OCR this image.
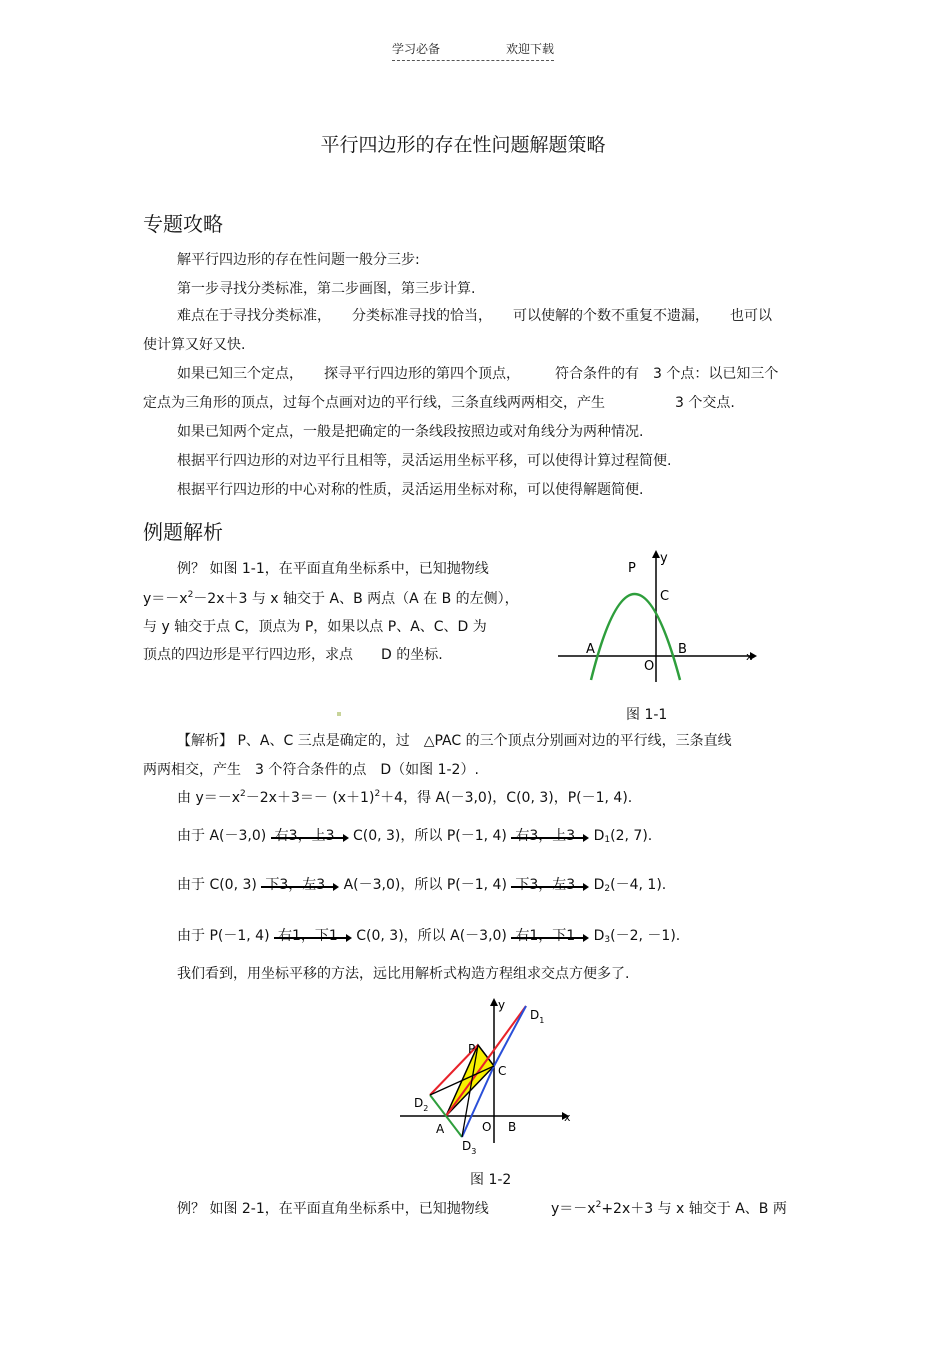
学习必备	欢迎下载
平行四边形的存在性问题解题策略
专题攻略
解平行四边形的存在性问题一般分三步:
第一步寻找分类标准，第二步画图，第三步计算.
难点在于寻找分类标准，　　分类标准寻找的恰当，　　可以使解的个数不重复不遗漏，　　也可以
使计算又好又快.
如果已知三个定点，　　探寻平行四边形的第四个顶点，　　　符合条件的有　3 个点：以已知三个
定点为三角形的顶点，过每个点画对边的平行线，三条直线两两相交，产生　　　　　3 个交点.
如果已知两个定点，一般是把确定的一条线段按照边或对角线分为两种情况.
根据平行四边形的对边平行且相等，灵活运用坐标平移，可以使得计算过程简便.
根据平行四边形的中心对称的性质，灵活运用坐标对称，可以使得解题简便.
例题解析
例？ 如图 1-1，在平面直角坐标系中，已知抛物线
$y=-x^2-2x+3$ 与 x 轴交于 A、B 两点（A 在 B 的左侧），
与 y 轴交于点 C，顶点为 P，如果以点 P、A、C、D 为
顶点的四边形是平行四边形，求点　　D 的坐标.
P
C
A	B
O
x
y
图 1-1
【解析】 P、A、C 三点是确定的，过　△PAC 的三个顶点分别画对边的平行线，三条直线
两两相交，产生　3 个符合条件的点　D（如图 1-2）.
由 $y=-x^2-2x+3=- (x+1)^2+4$，得 A(－3,0)，C(0, 3)，P(－1, 4).
由于 A(－3,0) 右3，上3 C(0, 3)，所以 P(－1, 4) 右3，上3 $D_1(2$, 7).
由于 C(0, 3) 下3，左3 A(－3,0)，所以 P(－1, 4) 下3，左3 $D_2(-4$, 1).
由于 P(－1, 4) 右1，下1 C(0, 3)，所以 A(－3,0) 右1，下1 $D_3(-2$, －1).
我们看到，用坐标平移的方法，远比用解析式构造方程组求交点方便多了.
y
x
$D_1$
P
C
$D_2$
A	O B
$D_3$
图 1-2
例？ 如图 2-1，在平面直角坐标系中，已知抛物线	$y=-x^2+2x+3$ 与 x 轴交于 A、B 两
